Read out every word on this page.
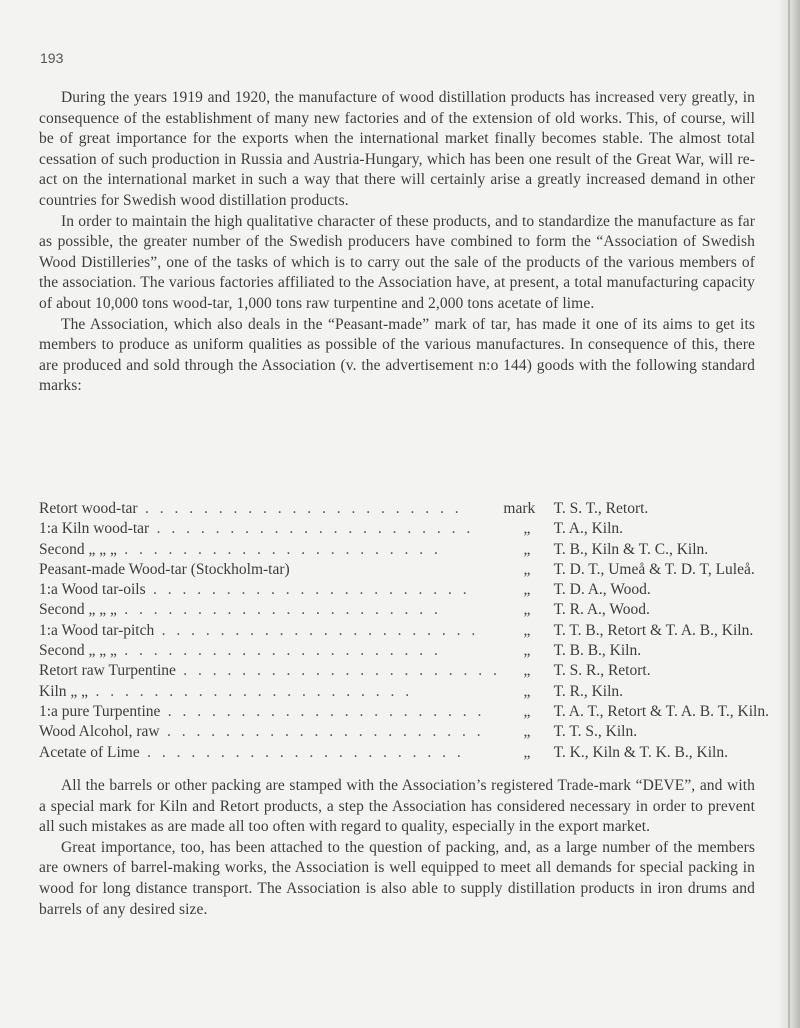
193

During the years 1919 and 1920, the manufacture of wood distillation products has increased very greatly, in consequence of the establishment of many new factories and of the extension of old works. This, of course, will be of great importance for the exports when the international market finally becomes stable. The almost total cessation of such production in Russia and Austria-Hungary, which has been one result of the Great War, will re-act on the international market in such a way that there will certainly arise a greatly increased demand in other countries for Swedish wood distillation products.

In order to maintain the high qualitative character of these products, and to standardize the manufacture as far as possible, the greater number of the Swedish producers have combined to form the “Association of Swedish Wood Distilleries”, one of the tasks of which is to carry out the sale of the products of the various members of the association. The various factories affiliated to the Association have, at present, a total manufacturing capacity of about 10,000 tons wood-tar, 1,000 tons raw turpentine and 2,000 tons acetate of lime.

The Association, which also deals in the “Peasant-made” mark of tar, has made it one of its aims to get its members to produce as uniform qualities as possible of the various manufactures. In consequence of this, there are produced and sold through the Association (v. the advertisement n:o 144) goods with the following standard marks:

Retort wood-tar . . . . . . . . . . . . . . . . . . . . . .	mark	T. S. T., Retort.
1:a Kiln wood-tar . . . . . . . . . . . . . . . . . . . . . .	„	T. A., Kiln.
Second „ „ „ . . . . . . . . . . . . . . . . . . . . . .	„	T. B., Kiln & T. C., Kiln.
Peasant-made Wood-tar (Stockholm-tar)	„	T. D. T., Umeå & T. D. T, Luleå.
1:a Wood tar-oils . . . . . . . . . . . . . . . . . . . . . .	„	T. D. A., Wood.
Second „ „ „ . . . . . . . . . . . . . . . . . . . . . .	„	T. R. A., Wood.
1:a Wood tar-pitch . . . . . . . . . . . . . . . . . . . . . .	„	T. T. B., Retort & T. A. B., Kiln.
Second „ „ „ . . . . . . . . . . . . . . . . . . . . . .	„	T. B. B., Kiln.
Retort raw Turpentine . . . . . . . . . . . . . . . . . . . . . .	„	T. S. R., Retort.
Kiln „ „ . . . . . . . . . . . . . . . . . . . . . .	„	T. R., Kiln.
1:a pure Turpentine . . . . . . . . . . . . . . . . . . . . . .	„	T. A. T., Retort & T. A. B. T., Kiln.
Wood Alcohol, raw . . . . . . . . . . . . . . . . . . . . . .	„	T. T. S., Kiln.
Acetate of Lime . . . . . . . . . . . . . . . . . . . . . .	„	T. K., Kiln & T. K. B., Kiln.

All the barrels or other packing are stamped with the Association’s registered Trade-mark “DEVE”, and with a special mark for Kiln and Retort products, a step the Association has considered necessary in order to prevent all such mistakes as are made all too often with regard to quality, especially in the export market.

Great importance, too, has been attached to the question of packing, and, as a large number of the members are owners of barrel-making works, the Association is well equipped to meet all demands for special packing in wood for long distance transport. The Association is also able to supply distillation products in iron drums and barrels of any desired size.
